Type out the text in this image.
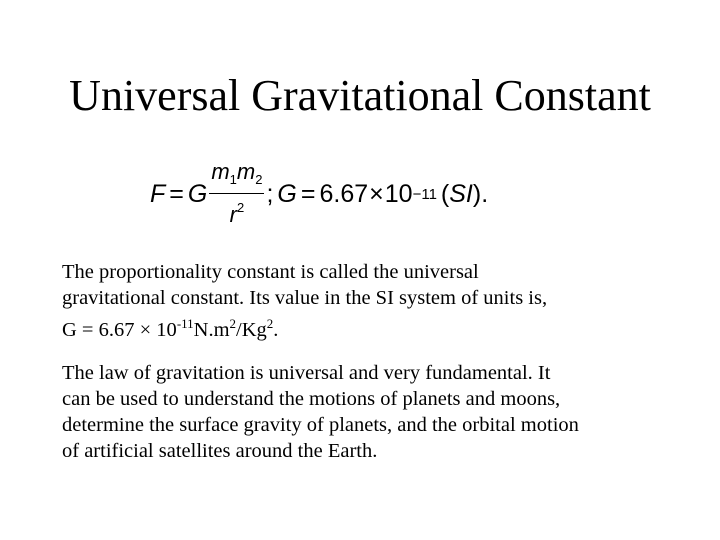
Universal Gravitational Constant
F = G $\frac{m_1m_2}{r^2}$ ; G = 6.67 × 10 −11 (SI).
The proportionality constant is called the universal
gravitational constant. Its value in the SI system of units is,
$G = 6.67 \times 10^{-11}N.m^2/Kg^2$.
The law of gravitation is universal and very fundamental. It
can be used to understand the motions of planets and moons,
determine the surface gravity of planets, and the orbital motion
of artificial satellites around the Earth.
